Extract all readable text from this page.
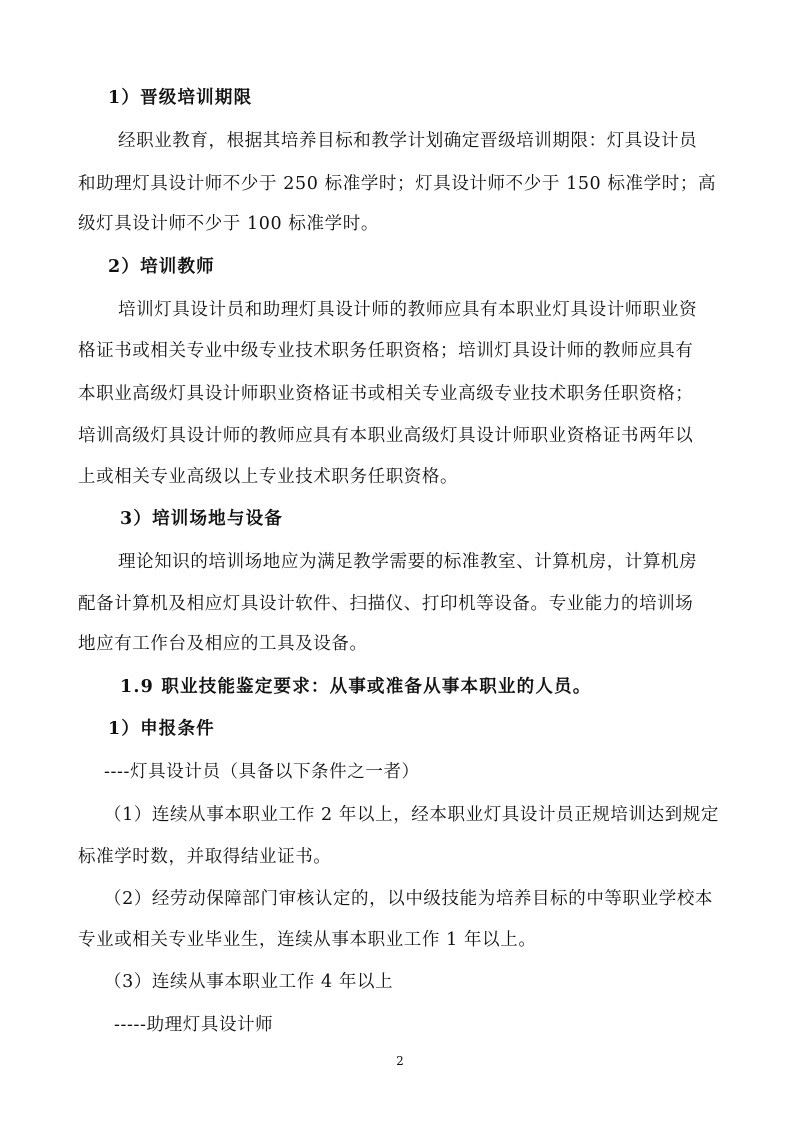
1）晋级培训期限
经职业教育，根据其培养目标和教学计划确定晋级培训期限：灯具设计员
和助理灯具设计师不少于 250 标准学时；灯具设计师不少于 150 标准学时；高
级灯具设计师不少于 100 标准学时。
2）培训教师
培训灯具设计员和助理灯具设计师的教师应具有本职业灯具设计师职业资
格证书或相关专业中级专业技术职务任职资格；培训灯具设计师的教师应具有
本职业高级灯具设计师职业资格证书或相关专业高级专业技术职务任职资格；
培训高级灯具设计师的教师应具有本职业高级灯具设计师职业资格证书两年以
上或相关专业高级以上专业技术职务任职资格。
3）培训场地与设备
理论知识的培训场地应为满足教学需要的标准教室、计算机房，计算机房
配备计算机及相应灯具设计软件、扫描仪、打印机等设备。专业能力的培训场
地应有工作台及相应的工具及设备。
1.9 职业技能鉴定要求：从事或准备从事本职业的人员。
1）申报条件
----灯具设计员（具备以下条件之一者）
（1）连续从事本职业工作 2 年以上，经本职业灯具设计员正规培训达到规定
标准学时数，并取得结业证书。
（2）经劳动保障部门审核认定的，以中级技能为培养目标的中等职业学校本
专业或相关专业毕业生，连续从事本职业工作 1 年以上。
（3）连续从事本职业工作 4 年以上
-----助理灯具设计师
2
